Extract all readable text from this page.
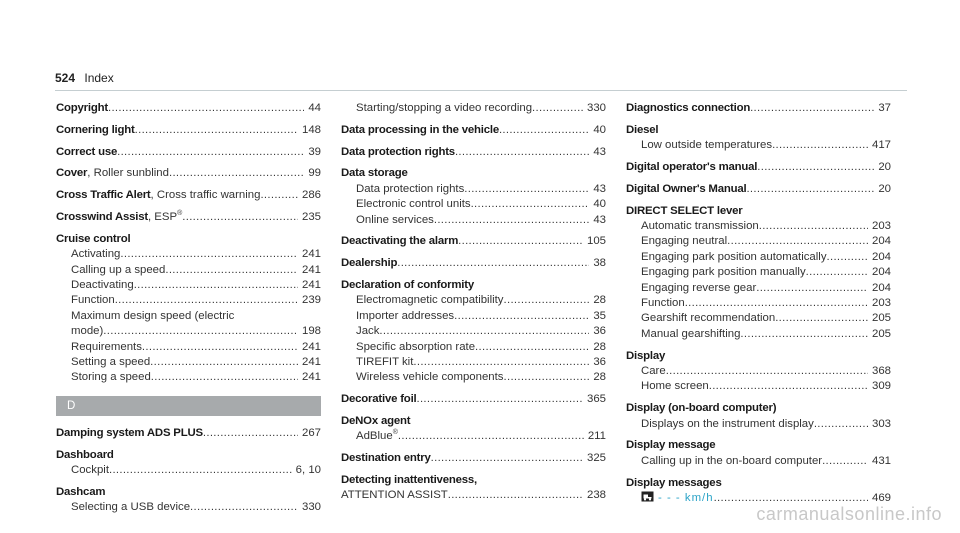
524 Index
Copyright .....	44
Cornering light .....	148
Correct use .....	39
Cover, Roller sunblind .....	99
Cross Traffic Alert, Cross traffic warning .....	286
Crosswind Assist, ESP® .....	235
Cruise control
Activating .....	241
Calling up a speed .....	241
Deactivating .....	241
Function .....	239
Maximum design speed (electric
mode) .....	198
Requirements .....	241
Setting a speed .....	241
Storing a speed .....	241
D
Damping system ADS PLUS .....	267
Dashboard
Cockpit .....	6, 10
Dashcam
Selecting a USB device .....	330
Starting/stopping a video recording .....	330
Data processing in the vehicle .....	40
Data protection rights .....	43
Data storage
Data protection rights .....	43
Electronic control units .....	40
Online services .....	43
Deactivating the alarm .....	105
Dealership .....	38
Declaration of conformity
Electromagnetic compatibility .....	28
Importer addresses .....	35
Jack .....	36
Specific absorption rate .....	28
TIREFIT kit .....	36
Wireless vehicle components .....	28
Decorative foil .....	365
DeNOx agent
AdBlue® .....	211
Destination entry .....	325
Detecting inattentiveness,
ATTENTION ASSIST .....	238
Diagnostics connection .....	37
Diesel
Low outside temperatures .....	417
Digital operator's manual .....	20
Digital Owner's Manual .....	20
DIRECT SELECT lever
Automatic transmission .....	203
Engaging neutral .....	204
Engaging park position automatically .....	204
Engaging park position manually .....	204
Engaging reverse gear .....	204
Function .....	203
Gearshift recommendation .....	205
Manual gearshifting .....	205
Display
Care .....	368
Home screen .....	309
Display (on-board computer)
Displays on the instrument display .....	303
Display message
Calling up in the on-board computer .....	431
Display messages
- - - km/h .....	469
carmanualsonline.info
